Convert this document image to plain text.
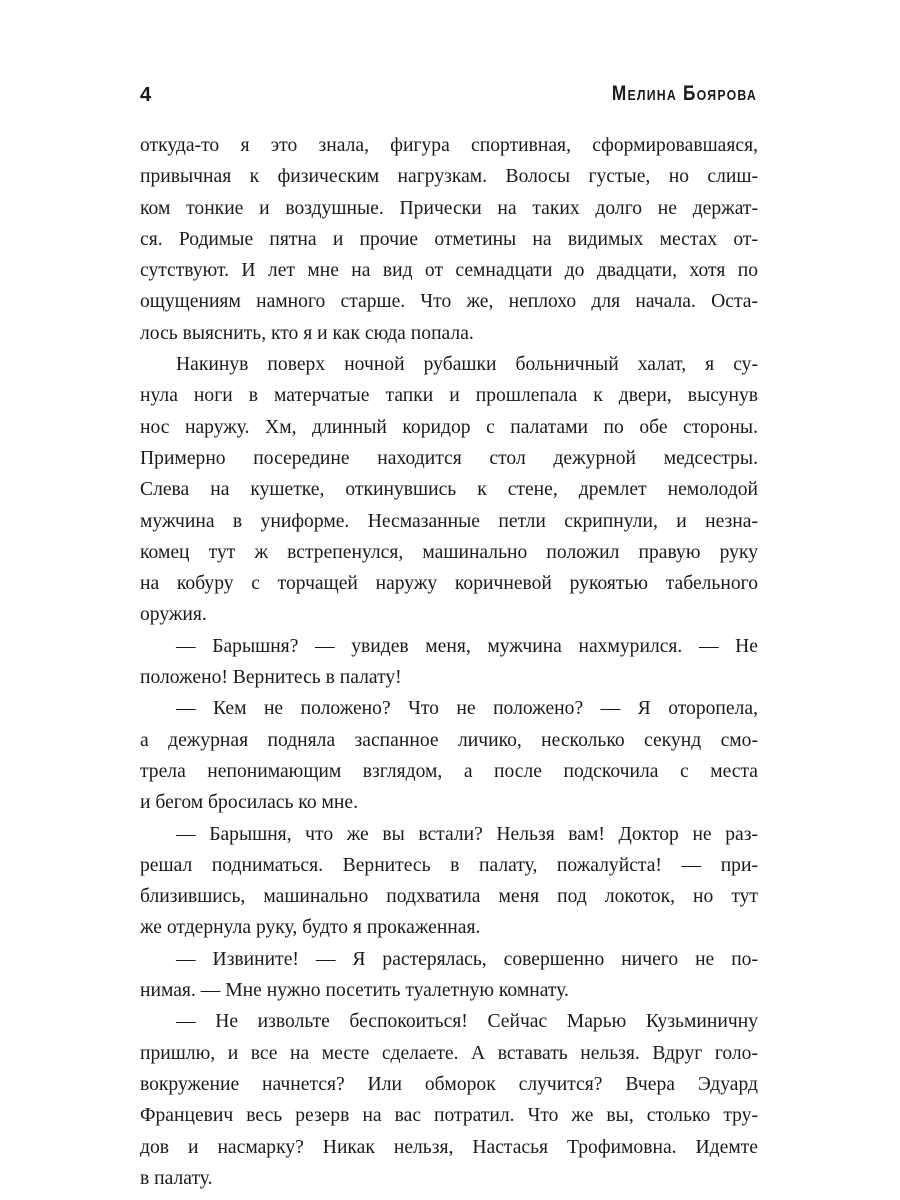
4	Мелина Боярова

откуда-то я это знала, фигура спортивная, сформировавшаяся,

привычная к физическим нагрузкам. Волосы густые, но слиш-

ком тонкие и воздушные. Прически на таких долго не держат-

ся. Родимые пятна и прочие отметины на видимых местах от-

сутствуют. И лет мне на вид от семнадцати до двадцати, хотя по

ощущениям намного старше. Что же, неплохо для начала. Оста-

лось выяснить, кто я и как сюда попала.

Накинув поверх ночной рубашки больничный халат, я су-

нула ноги в матерчатые тапки и прошлепала к двери, высунув

нос наружу. Хм, длинный коридор с палатами по обе стороны.

Примерно посередине находится стол дежурной медсестры.

Слева на кушетке, откинувшись к стене, дремлет немолодой

мужчина в униформе. Несмазанные петли скрипнули, и незна-

комец тут ж встрепенулся, машинально положил правую руку

на кобуру с торчащей наружу коричневой рукоятью табельного

оружия.

— Барышня? — увидев меня, мужчина нахмурился. — Не

положено! Вернитесь в палату!

— Кем не положено? Что не положено? — Я оторопела,

а дежурная подняла заспанное личико, несколько секунд смо-

трела непонимающим взглядом, а после подскочила с места

и бегом бросилась ко мне.

— Барышня, что же вы встали? Нельзя вам! Доктор не раз-

решал подниматься. Вернитесь в палату, пожалуйста! — при-

близившись, машинально подхватила меня под локоток, но тут

же отдернула руку, будто я прокаженная.

— Извините! — Я растерялась, совершенно ничего не по-

нимая. — Мне нужно посетить туалетную комнату.

— Не извольте беспокоиться! Сейчас Марью Кузьминичну

пришлю, и все на месте сделаете. А вставать нельзя. Вдруг голо-

вокружение начнется? Или обморок случится? Вчера Эдуард

Францевич весь резерв на вас потратил. Что же вы, столько тру-

дов и насмарку? Никак нельзя, Настасья Трофимовна. Идемте

в палату.
